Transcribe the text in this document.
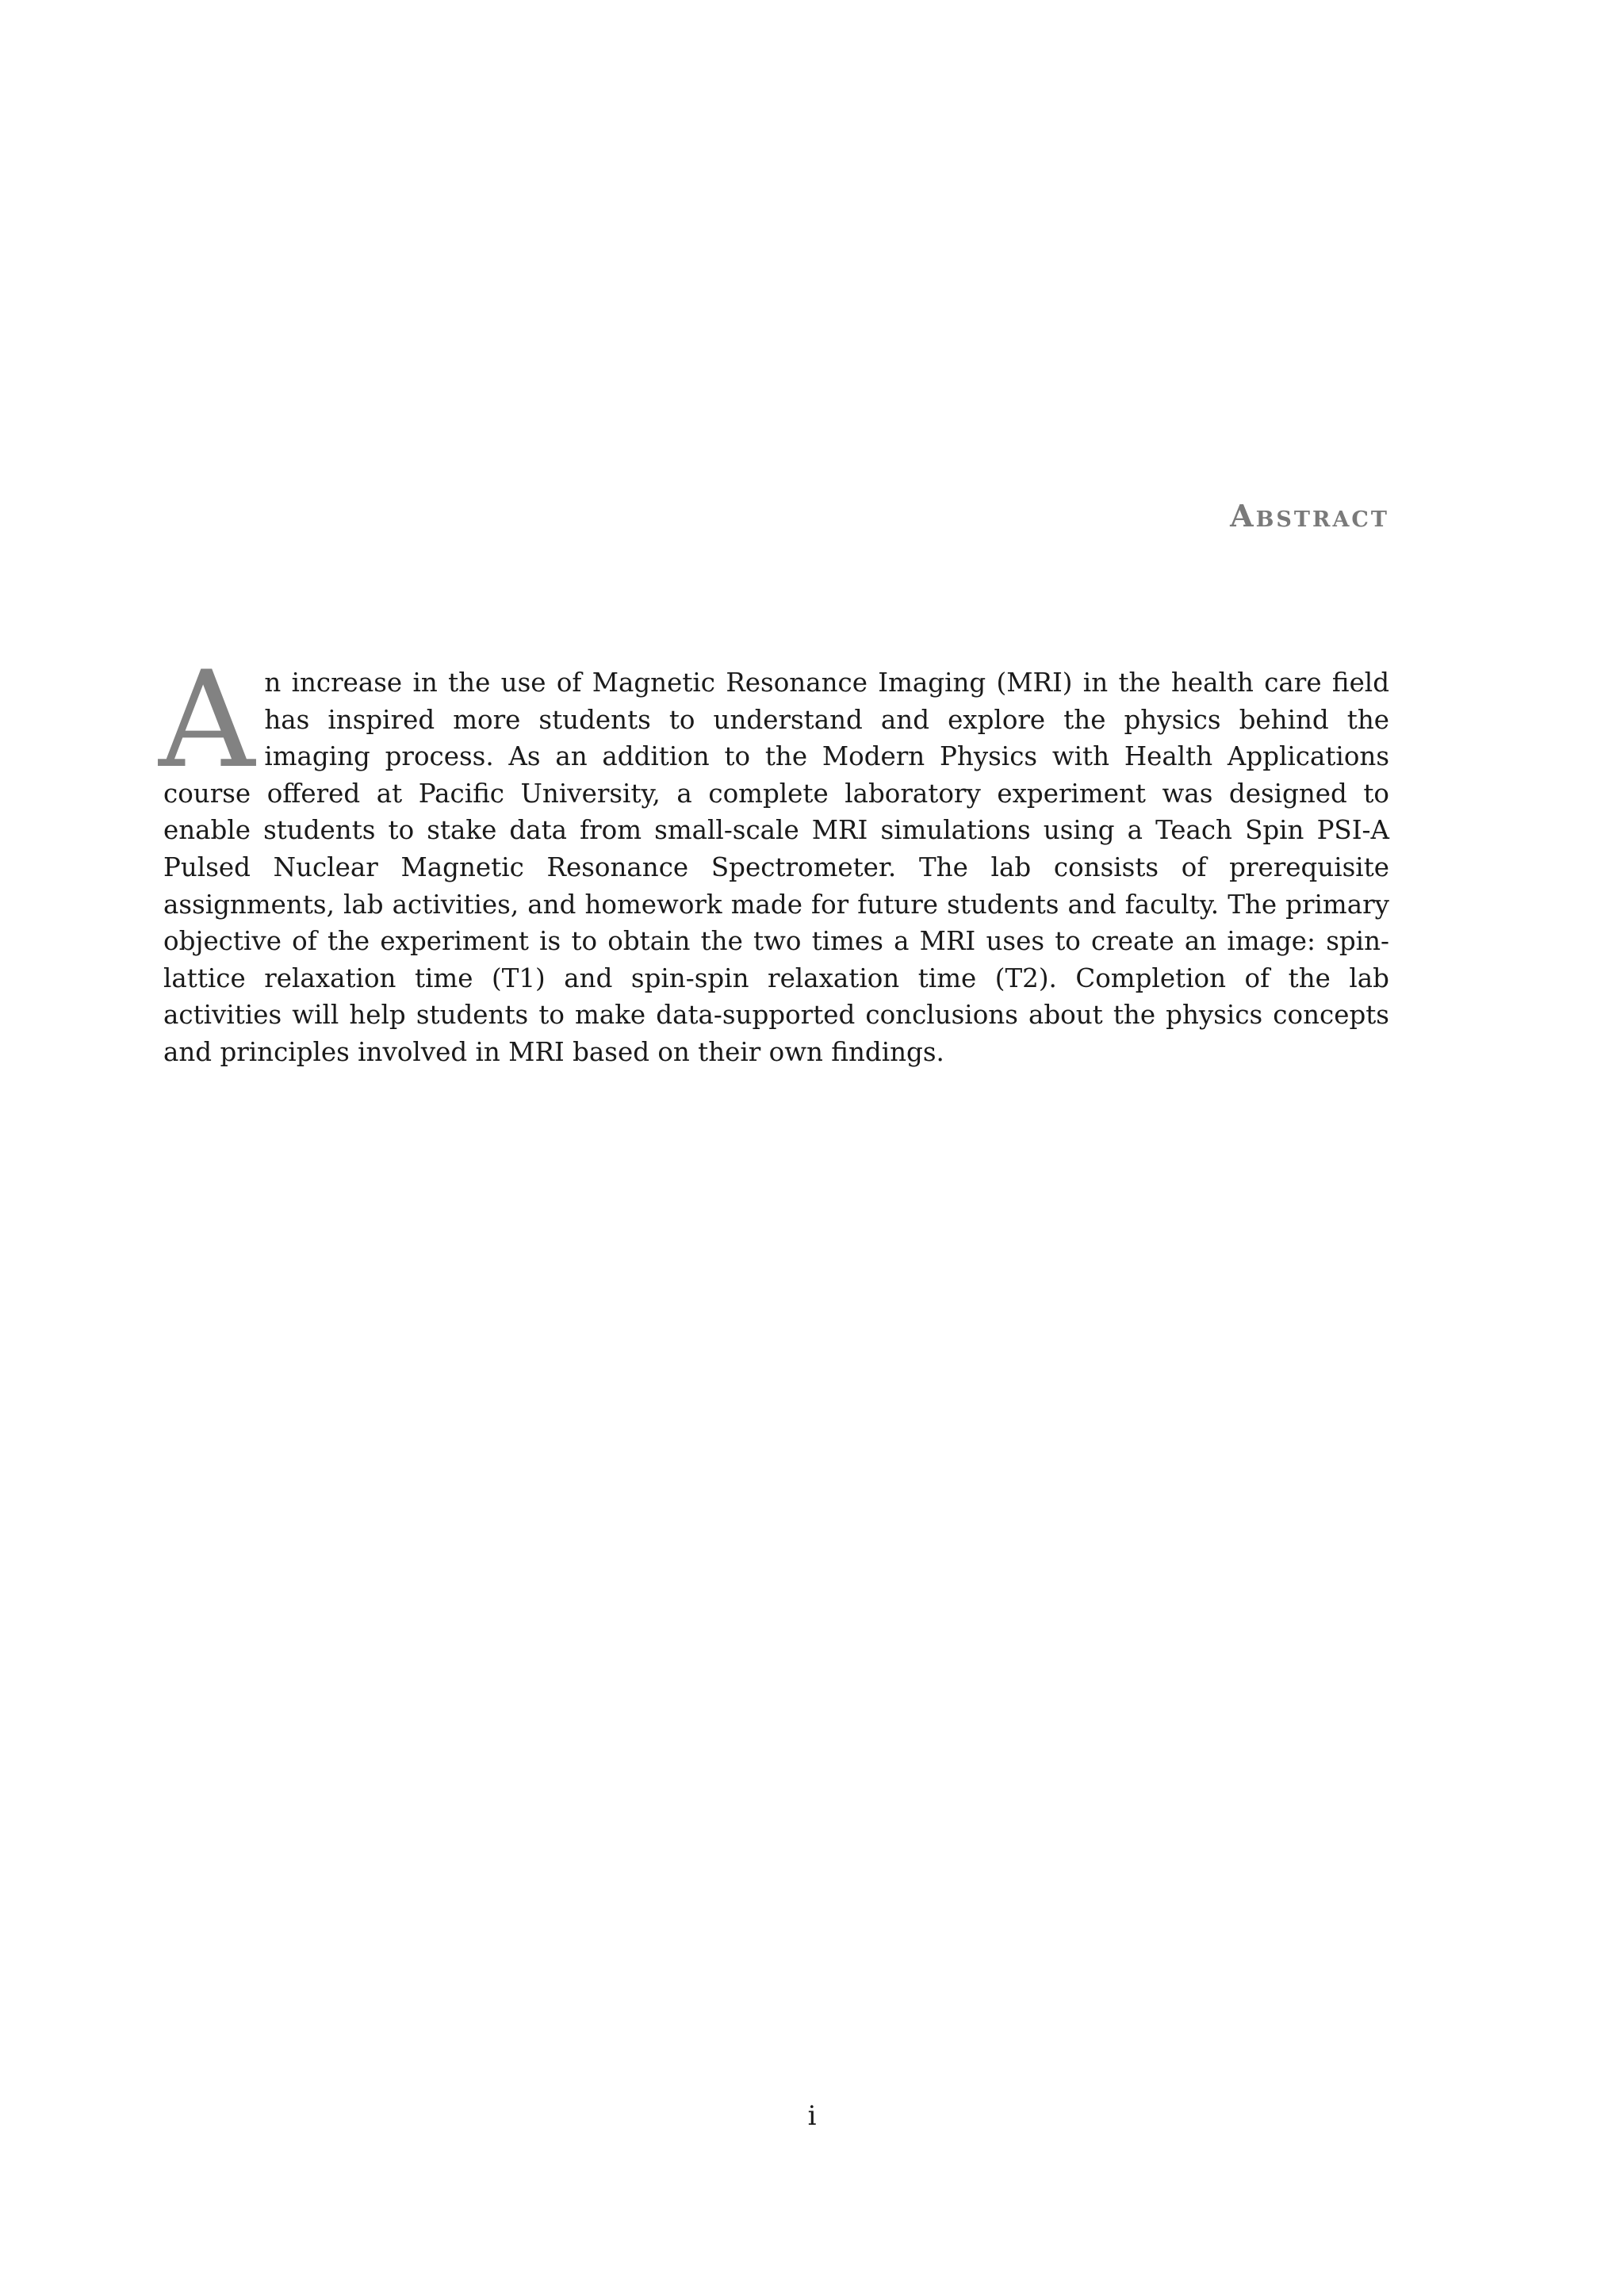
Abstract

An increase in the use of Magnetic Resonance Imaging (MRI) in the health care field has inspired more students to understand and explore the physics behind the imaging process. As an addition to the Modern Physics with Health Applications course offered at Pacific University, a complete laboratory experiment was designed to enable students to stake data from small-scale MRI simulations using a Teach Spin PSI-A Pulsed Nuclear Magnetic Resonance Spectrometer. The lab consists of prerequisite assignments, lab activities, and homework made for future students and faculty. The primary objective of the experiment is to obtain the two times a MRI uses to create an image: spin-lattice relaxation time (T1) and spin-spin relaxation time (T2). Completion of the lab activities will help students to make data-supported conclusions about the physics concepts and principles involved in MRI based on their own findings.

i
